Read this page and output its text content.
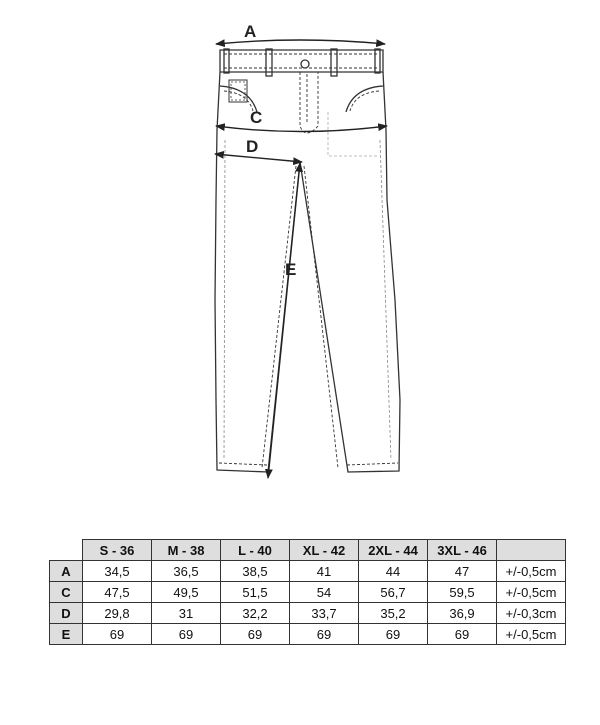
A
C
D
E
	S - 36	M - 38	L - 40	XL - 42	2XL - 44	3XL - 46	
A	34,5	36,5	38,5	41	44	47	+/-0,5cm
C	47,5	49,5	51,5	54	56,7	59,5	+/-0,5cm
D	29,8	31	32,2	33,7	35,2	36,9	+/-0,3cm
E	69	69	69	69	69	69	+/-0,5cm
